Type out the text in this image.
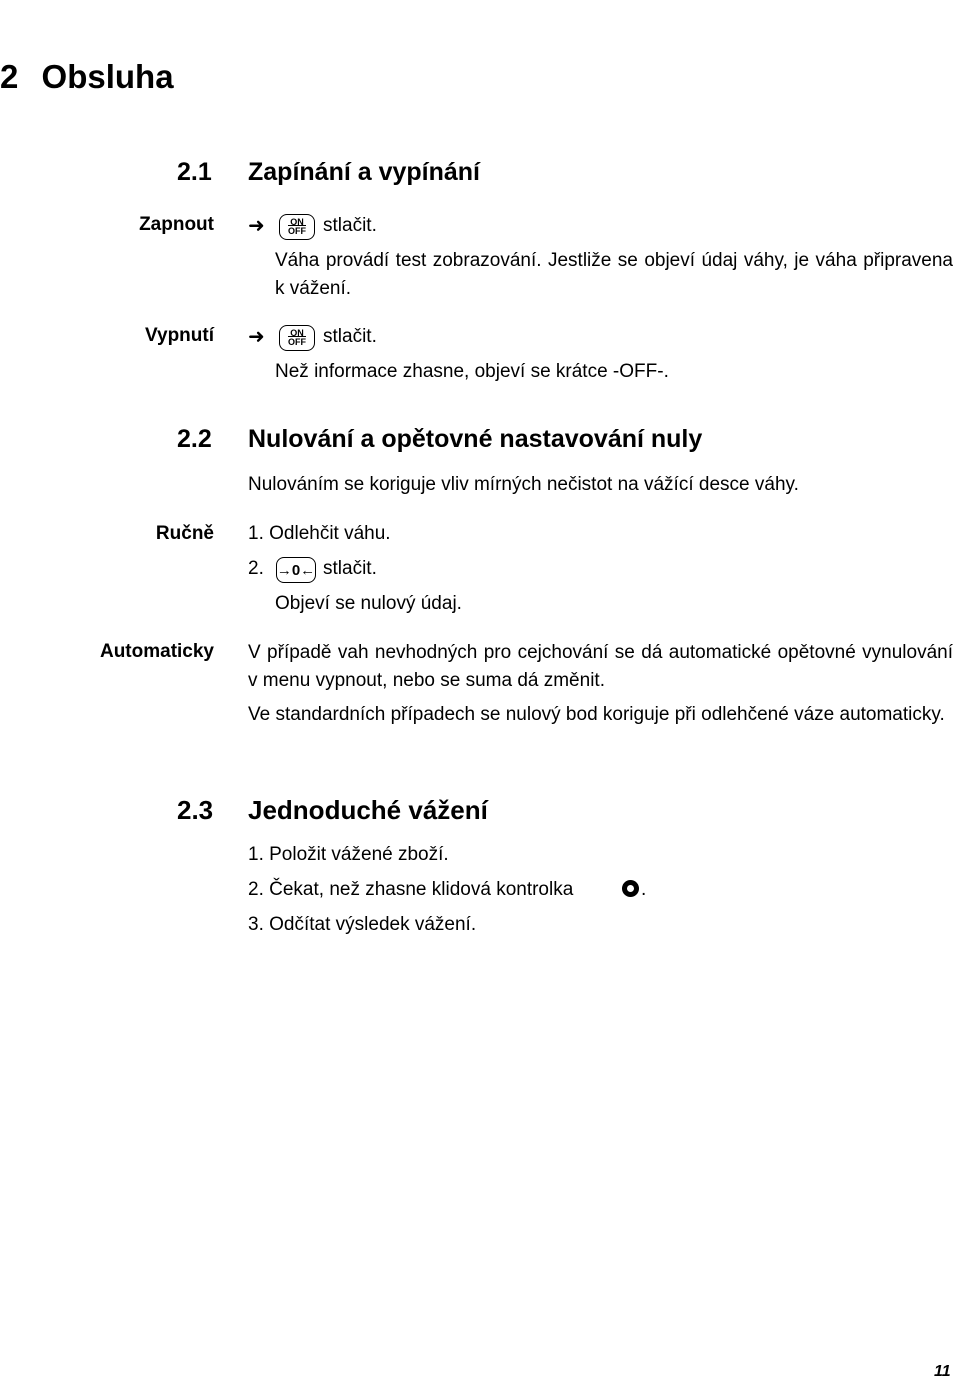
2 Obsluha
2.1 Zapínání a vypínání
Zapnout ➜	ON
$\overline{OFF}$ stlačit.
Váha provádí test zobrazování. Jestliže se objeví údaj váhy, je váha připravena k vážení.
Vypnutí ➜	ON
$\overline{OFF}$ stlačit.
Než informace zhasne, objeví se krátce -OFF-.
2.2 Nulování a opětovné nastavování nuly
Nulováním se koriguje vliv mírných nečistot na vážící desce váhy.
Ručně 1. Odlehčit váhu.
2. →0← stlačit.
Objeví se nulový údaj.
Automaticky V případě vah nevhodných pro cejchování se dá automatické opětovné vynulování v menu vypnout, nebo se suma dá změnit.
Ve standardních případech se nulový bod koriguje při odlehčené váze automaticky.
2.3 Jednoduché vážení
1. Položit vážené zboží.
2. Čekat, než zhasne klidová kontrolka	.
3. Odčítat výsledek vážení.
11
